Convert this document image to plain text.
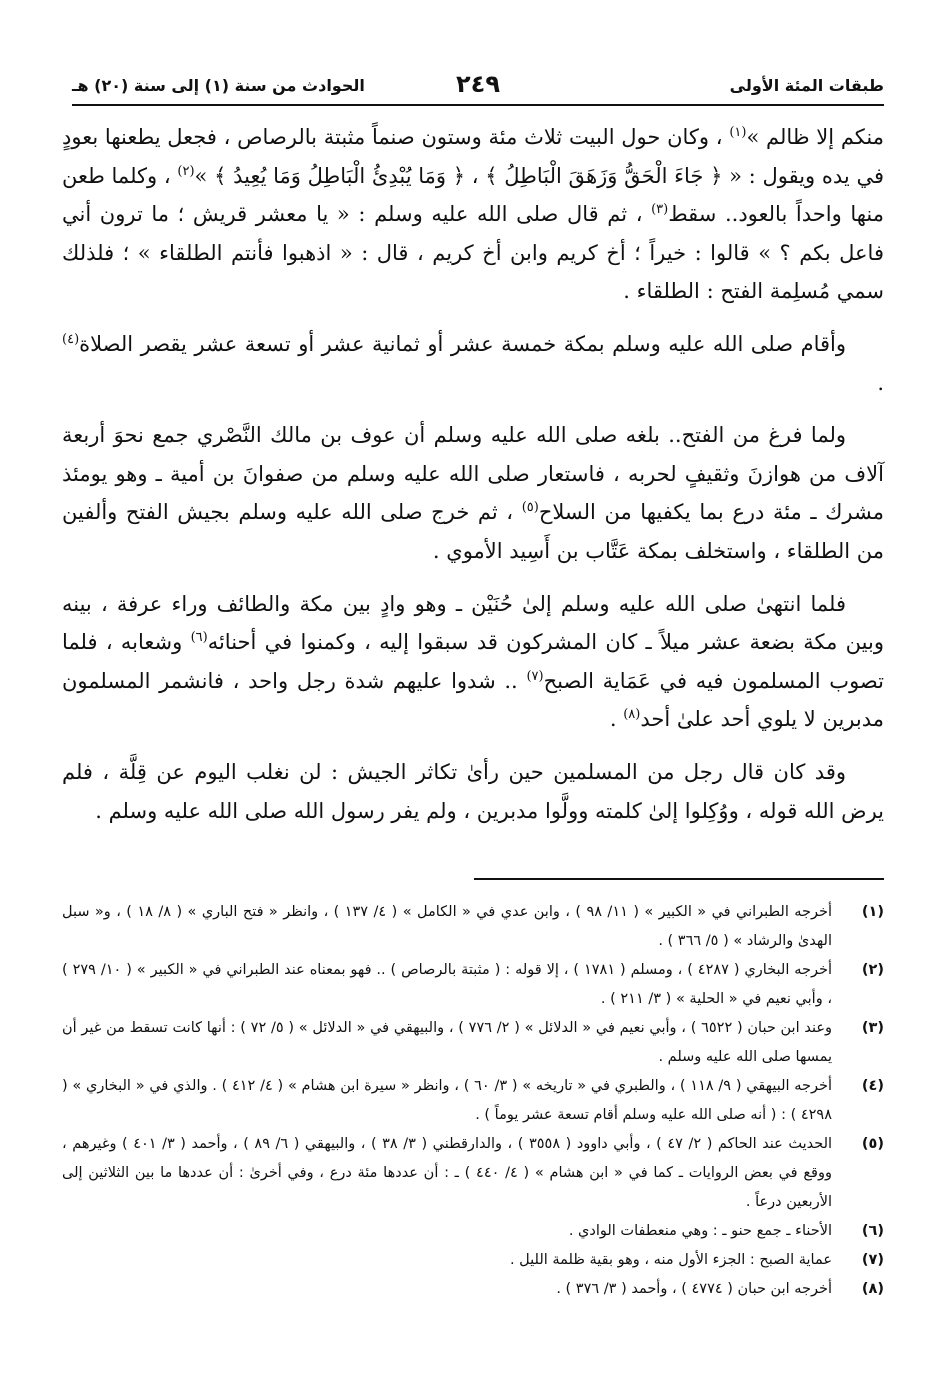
طبقات المئة الأولى
٢٤٩
الحوادث من سنة (١) إلى سنة (٢٠) هـ

منكم إلا ظالم »$^{(١)}$ ، وكان حول البيت ثلاث مئة وستون صنماً مثبتة بالرصاص ، فجعل يطعنها بعودٍ في يده ويقول : « ﴿ جَاءَ الْحَقُّ وَزَهَقَ الْبَاطِلُ ﴾ ، ﴿ وَمَا يُبْدِئُ الْبَاطِلُ وَمَا يُعِيدُ ﴾ »$^{(٢)}$ ، وكلما طعن منها واحداً بالعود.. سقط$^{(٣)}$ ، ثم قال صلى الله عليه وسلم : « يا معشر قريش ؛ ما ترون أني فاعل بكم ؟ » قالوا : خيراً ؛ أخ كريم وابن أخ كريم ، قال : « اذهبوا فأنتم الطلقاء » ؛ فلذلك سمي مُسلِمة الفتح : الطلقاء .

وأقام صلى الله عليه وسلم بمكة خمسة عشر أو ثمانية عشر أو تسعة عشر يقصر الصلاة$^{(٤)}$ .

ولما فرغ من الفتح.. بلغه صلى الله عليه وسلم أن عوف بن مالك النَّصْري جمع نحوَ أربعة آلاف من هوازنَ وثقيفٍ لحربه ، فاستعار صلى الله عليه وسلم من صفوانَ بن أمية ـ وهو يومئذ مشرك ـ مئة درع بما يكفيها من السلاح$^{(٥)}$ ، ثم خرج صلى الله عليه وسلم بجيش الفتح وألفين من الطلقاء ، واستخلف بمكة عَتَّاب بن أَسِيد الأموي .

فلما انتهىٰ صلى الله عليه وسلم إلىٰ حُنَيْن ـ وهو وادٍ بين مكة والطائف وراء عرفة ، بينه وبين مكة بضعة عشر ميلاً ـ كان المشركون قد سبقوا إليه ، وكمنوا في أحنائه$^{(٦)}$ وشعابه ، فلما تصوب المسلمون فيه في عَمَاية الصبح$^{(٧)}$ .. شدوا عليهم شدة رجل واحد ، فانشمر المسلمون مدبرين لا يلوي أحد علىٰ أحد$^{(٨)}$ .

وقد كان قال رجل من المسلمين حين رأىٰ تكاثر الجيش : لن نغلب اليوم عن قِلَّة ، فلم يرض الله قوله ، ووُكِلوا إلىٰ كلمته وولَّوا مدبرين ، ولم يفر رسول الله صلى الله عليه وسلم .

(١)
أخرجه الطبراني في « الكبير » ( ١١/ ٩٨ ) ، وابن عدي في « الكامل » ( ٤/ ١٣٧ ) ، وانظر « فتح الباري » ( ٨/ ١٨ ) ، و« سبل الهدىٰ والرشاد » ( ٥/ ٣٦٦ ) .
(٢)
أخرجه البخاري ( ٤٢٨٧ ) ، ومسلم ( ١٧٨١ ) ، إلا قوله : ( مثبتة بالرصاص ) .. فهو بمعناه عند الطبراني في « الكبير » ( ١٠/ ٢٧٩ ) ، وأبي نعيم في « الحلية » ( ٣/ ٢١١ ) .
(٣)
وعند ابن حبان ( ٦٥٢٢ ) ، وأبي نعيم في « الدلائل » ( ٢/ ٧٧٦ ) ، والبيهقي في « الدلائل » ( ٥/ ٧٢ ) : أنها كانت تسقط من غير أن يمسها صلى الله عليه وسلم .
(٤)
أخرجه البيهقي ( ٩/ ١١٨ ) ، والطبري في « تاريخه » ( ٣/ ٦٠ ) ، وانظر « سيرة ابن هشام » ( ٤/ ٤١٢ ) . والذي في « البخاري » ( ٤٢٩٨ ) : ( أنه صلى الله عليه وسلم أقام تسعة عشر يوماً ) .
(٥)
الحديث عند الحاكم ( ٢/ ٤٧ ) ، وأبي داوود ( ٣٥٥٨ ) ، والدارقطني ( ٣/ ٣٨ ) ، والبيهقي ( ٦/ ٨٩ ) ، وأحمد ( ٣/ ٤٠١ ) وغيرهم ، ووقع في بعض الروايات ـ كما في « ابن هشام » ( ٤/ ٤٤٠ ) ـ : أن عددها مئة درع ، وفي أخرىٰ : أن عددها ما بين الثلاثين إلى الأربعين درعاً .
(٦)
الأحناء ـ جمع حنو ـ : وهي منعطفات الوادي .
(٧)
عماية الصبح : الجزء الأول منه ، وهو بقية ظلمة الليل .
(٨)
أخرجه ابن حبان ( ٤٧٧٤ ) ، وأحمد ( ٣/ ٣٧٦ ) .
